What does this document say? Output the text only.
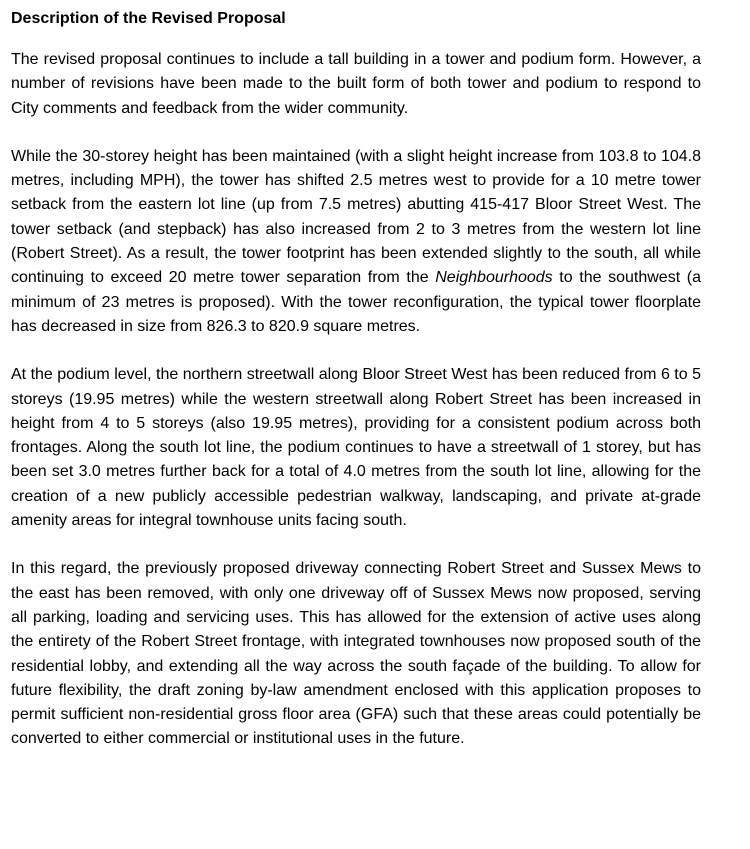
Description of the Revised Proposal

The revised proposal continues to include a tall building in a tower and podium form. However, a number of revisions have been made to the built form of both tower and podium to respond to City comments and feedback from the wider community.

While the 30-storey height has been maintained (with a slight height increase from 103.8 to 104.8 metres, including MPH), the tower has shifted 2.5 metres west to provide for a 10 metre tower setback from the eastern lot line (up from 7.5 metres) abutting 415-417 Bloor Street West. The tower setback (and stepback) has also increased from 2 to 3 metres from the western lot line (Robert Street). As a result, the tower footprint has been extended slightly to the south, all while continuing to exceed 20 metre tower separation from the Neighbourhoods to the southwest (a minimum of 23 metres is proposed). With the tower reconfiguration, the typical tower floorplate has decreased in size from 826.3 to 820.9 square metres.

At the podium level, the northern streetwall along Bloor Street West has been reduced from 6 to 5 storeys (19.95 metres) while the western streetwall along Robert Street has been increased in height from 4 to 5 storeys (also 19.95 metres), providing for a consistent podium across both frontages. Along the south lot line, the podium continues to have a streetwall of 1 storey, but has been set 3.0 metres further back for a total of 4.0 metres from the south lot line, allowing for the creation of a new publicly accessible pedestrian walkway, landscaping, and private at-grade amenity areas for integral townhouse units facing south.

In this regard, the previously proposed driveway connecting Robert Street and Sussex Mews to the east has been removed, with only one driveway off of Sussex Mews now proposed, serving all parking, loading and servicing uses. This has allowed for the extension of active uses along the entirety of the Robert Street frontage, with integrated townhouses now proposed south of the residential lobby, and extending all the way across the south façade of the building. To allow for future flexibility, the draft zoning by-law amendment enclosed with this application proposes to permit sufficient non-residential gross floor area (GFA) such that these areas could potentially be converted to either commercial or institutional uses in the future.
